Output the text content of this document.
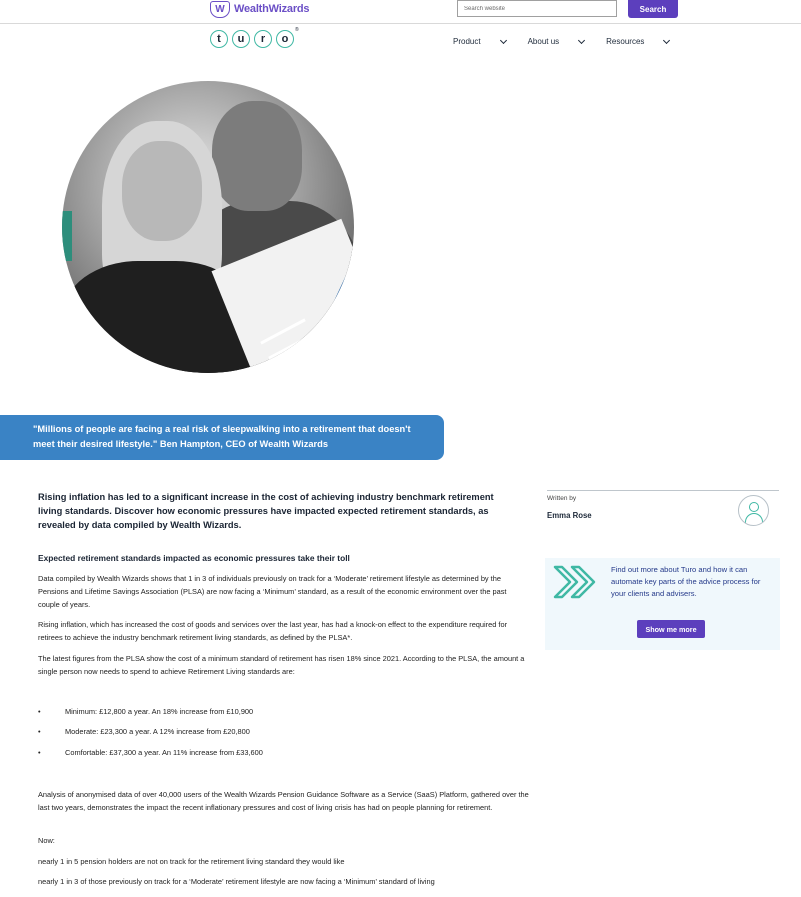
W WealthWizards
Search website	Search
t	u	r	o
®
Product	About us	Resources
"Millions of people are facing a real risk of sleepwalking into a retirement that doesn't meet their desired lifestyle." Ben Hampton, CEO of Wealth Wizards
Rising inflation has led to a significant increase in the cost of achieving industry benchmark retirement living standards. Discover how economic pressures have impacted expected retirement standards, as revealed by data compiled by Wealth Wizards.
Expected retirement standards impacted as economic pressures take their toll
Data compiled by Wealth Wizards shows that 1 in 3 of individuals previously on track for a ‘Moderate’ retirement lifestyle as determined by the Pensions and Lifetime Savings Association (PLSA) are now facing a ‘Minimum’ standard, as a result of the economic environment over the past couple of years.
Rising inflation, which has increased the cost of goods and services over the last year, has had a knock-on effect to the expenditure required for retirees to achieve the industry benchmark retirement living standards, as defined by the PLSA*.
The latest figures from the PLSA show the cost of a minimum standard of retirement has risen 18% since 2021. According to the PLSA, the amount a single person now needs to spend to achieve Retirement Living standards are:
•	Minimum: £12,800 a year. An 18% increase from £10,900
•	Moderate: £23,300 a year. A 12% increase from £20,800
•	Comfortable: £37,300 a year. An 11% increase from £33,600
Analysis of anonymised data of over 40,000 users of the Wealth Wizards Pension Guidance Software as a Service (SaaS) Platform, gathered over the last two years, demonstrates the impact the recent inflationary pressures and cost of living crisis has had on people planning for retirement.
Now:
nearly 1 in 5 pension holders are not on track for the retirement living standard they would like
nearly 1 in 3 of those previously on track for a ‘Moderate’ retirement lifestyle are now facing a ‘Minimum’ standard of living
Written by
Emma Rose
Find out more about Turo and how it can automate key parts of the advice process for your clients and advisers.
Show me more
